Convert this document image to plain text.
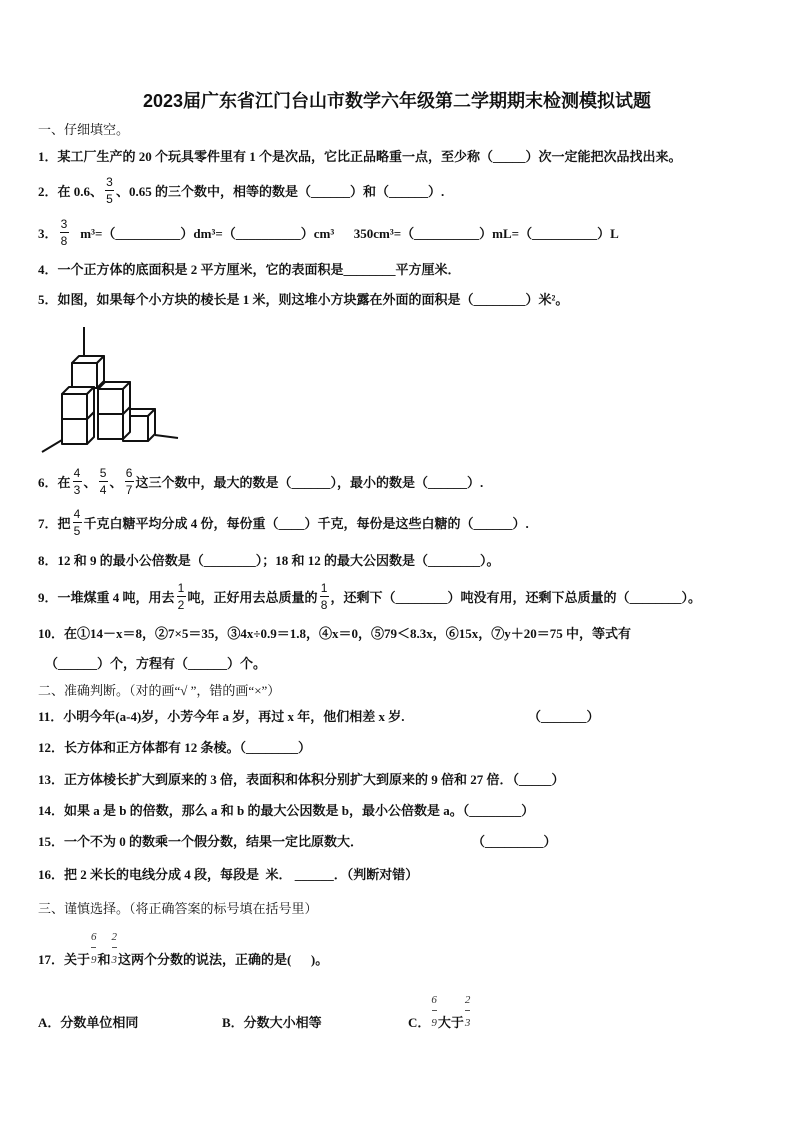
2023届广东省江门台山市数学六年级第二学期期末检测模拟试题
一、仔细填空。
1．某工厂生产的 20 个玩具零件里有 1 个是次品，它比正品略重一点，至少称（_____）次一定能把次品找出来。
2．在 0.6、 $\frac{3}{5}$ 、0.65 的三个数中，相等的数是（______）和（______）.
3． $\frac{3}{8}$ m³=（__________）dm³=（__________）cm³      350cm³=（__________）mL=（__________）L
4．一个正方体的底面积是 2 平方厘米，它的表面积是________平方厘米．
5．如图，如果每个小方块的棱长是 1 米，则这堆小方块露在外面的面积是（________）米²。
6．在 $\frac{4}{3}$ 、 $\frac{5}{4}$ 、 $\frac{6}{7}$ 这三个数中，最大的数是（______），最小的数是（______）.
7．把 $\frac{4}{5}$ 千克白糖平均分成 4 份，每份重（____）千克，每份是这些白糖的（______）.
8．12 和 9 的最小公倍数是（________）；18 和 12 的最大公因数是（________）。
9．一堆煤重 4 吨，用去 $\frac{1}{2}$ 吨，正好用去总质量的 $\frac{1}{8}$ ，还剩下（________）吨没有用，还剩下总质量的（________）。
10．在①14－x＝8，②7×5＝35，③4x÷0.9＝1.8，④x＝0，⑤79＜8.3x，⑥15x，⑦y＋20＝75 中，等式有
（______）个，方程有（______）个。
二、准确判断。（对的画“√ ”，错的画“×”）
11．小明今年(a-4)岁，小芳今年 a 岁，再过 x 年，他们相差 x 岁.	（_______）
12．长方体和正方体都有 12 条棱。（________）
13．正方体棱长扩大到原来的 3 倍，表面积和体积分别扩大到原来的 9 倍和 27 倍．（_____）
14．如果 a 是 b 的倍数，那么 a 和 b 的最大公因数是 b，最小公倍数是 a。（________）
15．一个不为 0 的数乘一个假分数，结果一定比原数大．	（_________）
16．把 2 米长的电线分成 4 段，每段是  米． ______．（判断对错）
三、谨慎选择。（将正确答案的标号填在括号里）
17．关于
6
9 和
2
3 这两个分数的说法，正确的是(      )。
A．分数单位相同	B．分数大小相等	C．
6
9 大于
2
3
